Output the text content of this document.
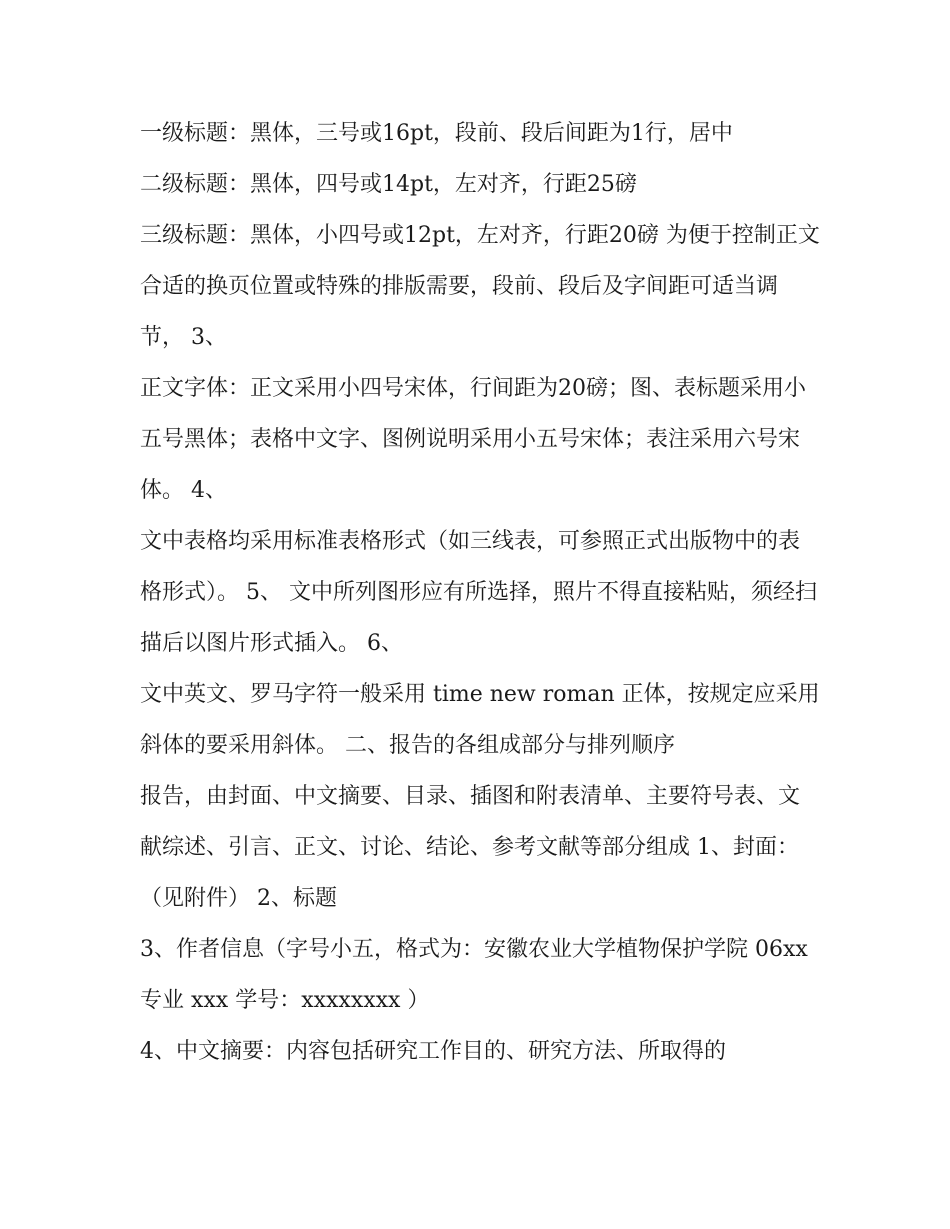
一级标题：黑体，三号或16pt，段前、段后间距为1行，居中

二级标题：黑体，四号或14pt，左对齐，行距25磅

三级标题：黑体，小四号或12pt，左对齐，行距20磅 为便于控制正文合适的换页位置或特殊的排版需要，段前、段后及字间距可适当调节， 3、

正文字体：正文采用小四号宋体，行间距为20磅；图、表标题采用小五号黑体；表格中文字、图例说明采用小五号宋体；表注采用六号宋体。 4、

文中表格均采用标准表格形式（如三线表，可参照正式出版物中的表格形式）。 5、 文中所列图形应有所选择，照片不得直接粘贴，须经扫描后以图片形式插入。 6、

文中英文、罗马字符一般采用 time new roman 正体，按规定应采用斜体的要采用斜体。 二、报告的各组成部分与排列顺序

报告，由封面、中文摘要、目录、插图和附表清单、主要符号表、文献综述、引言、正文、讨论、结论、参考文献等部分组成 1、封面：（见附件） 2、标题

3、作者信息（字号小五，格式为：安徽农业大学植物保护学院 06xx 专业 xxx 学号：xxxxxxxx ）

4、中文摘要：内容包括研究工作目的、研究方法、所取得的
